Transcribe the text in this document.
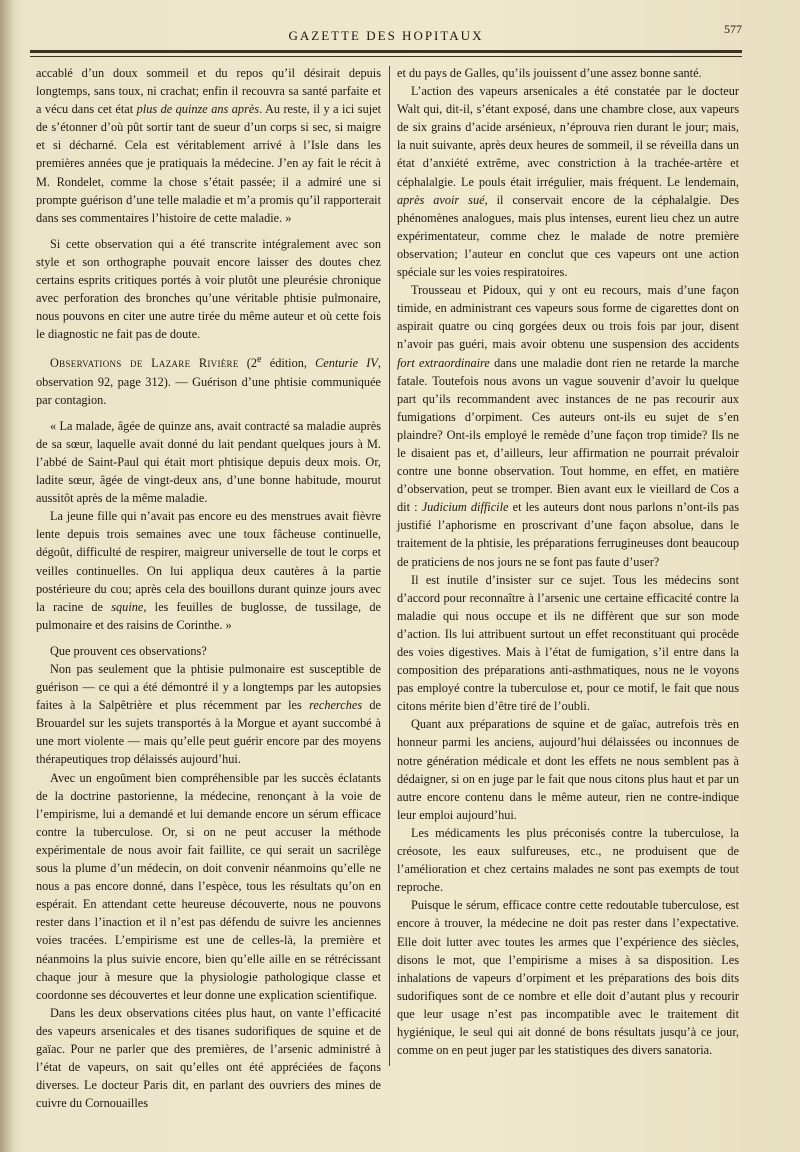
GAZETTE DES HOPITAUX	577

accablé d’un doux sommeil et du repos qu’il désirait depuis longtemps, sans toux, ni crachat; enfin il recouvra sa santé parfaite et a vécu dans cet état plus de quinze ans après. Au reste, il y a ici sujet de s’étonner d’où pût sortir tant de sueur d’un corps si sec, si maigre et si décharné. Cela est véritablement arrivé à l’Isle dans les premières années que je pratiquais la médecine. J’en ay fait le récit à M. Rondelet, comme la chose s’était passée; il a admiré une si prompte guérison d’une telle maladie et m’a promis qu’il rapporterait dans ses commentaires l’histoire de cette maladie. »

Si cette observation qui a été transcrite intégralement avec son style et son orthographe pouvait encore laisser des doutes chez certains esprits critiques portés à voir plutôt une pleurésie chronique avec perforation des bronches qu’une véritable phtisie pulmonaire, nous pouvons en citer une autre tirée du même auteur et où cette fois le diagnostic ne fait pas de doute.

Observations de Lazare Rivière (2e édition, Centurie IV, observation 92, page 312). — Guérison d’une phtisie communiquée par contagion.

« La malade, âgée de quinze ans, avait contracté sa maladie auprès de sa sœur, laquelle avait donné du lait pendant quelques jours à M. l’abbé de Saint-Paul qui était mort phtisique depuis deux mois. Or, ladite sœur, âgée de vingt-deux ans, d’une bonne habitude, mourut aussitôt après de la même maladie.

La jeune fille qui n’avait pas encore eu des menstrues avait fièvre lente depuis trois semaines avec une toux fâcheuse continuelle, dégoût, difficulté de respirer, maigreur universelle de tout le corps et veilles continuelles. On lui appliqua deux cautères à la partie postérieure du cou; après cela des bouillons durant quinze jours avec la racine de squine, les feuilles de buglosse, de tussilage, de pulmonaire et des raisins de Corinthe. »

Que prouvent ces observations?

Non pas seulement que la phtisie pulmonaire est susceptible de guérison — ce qui a été démontré il y a longtemps par les autopsies faites à la Salpêtrière et plus récemment par les recherches de Brouardel sur les sujets transportés à la Morgue et ayant succombé à une mort violente — mais qu’elle peut guérir encore par des moyens thérapeutiques trop délaissés aujourd’hui.

Avec un engoûment bien compréhensible par les succès éclatants de la doctrine pastorienne, la médecine, renonçant à la voie de l’empirisme, lui a demandé et lui demande encore un sérum efficace contre la tuberculose. Or, si on ne peut accuser la méthode expérimentale de nous avoir fait faillite, ce qui serait un sacrilège sous la plume d’un médecin, on doit convenir néanmoins qu’elle ne nous a pas encore donné, dans l’espèce, tous les résultats qu’on en espérait. En attendant cette heureuse découverte, nous ne pouvons rester dans l’inaction et il n’est pas défendu de suivre les anciennes voies tracées. L’empirisme est une de celles-là, la première et néanmoins la plus suivie encore, bien qu’elle aille en se rétrécissant chaque jour à mesure que la physiologie pathologique classe et coordonne ses découvertes et leur donne une explication scientifique.

Dans les deux observations citées plus haut, on vante l’efficacité des vapeurs arsenicales et des tisanes sudorifiques de squine et de gaïac. Pour ne parler que des premières, de l’arsenic administré à l’état de vapeurs, on sait qu’elles ont été appréciées de façons diverses. Le docteur Paris dit, en parlant des ouvriers des mines de cuivre du Cornouailles

et du pays de Galles, qu’ils jouissent d’une assez bonne santé.

L’action des vapeurs arsenicales a été constatée par le docteur Walt qui, dit-il, s’étant exposé, dans une chambre close, aux vapeurs de six grains d’acide arsénieux, n’éprouva rien durant le jour; mais, la nuit suivante, après deux heures de sommeil, il se réveilla dans un état d’anxiété extrême, avec constriction à la trachée-artère et céphalalgie. Le pouls était irrégulier, mais fréquent. Le lendemain, après avoir sué, il conservait encore de la céphalalgie. Des phénomènes analogues, mais plus intenses, eurent lieu chez un autre expérimentateur, comme chez le malade de notre première observation; l’auteur en conclut que ces vapeurs ont une action spéciale sur les voies respiratoires.

Trousseau et Pidoux, qui y ont eu recours, mais d’une façon timide, en administrant ces vapeurs sous forme de cigarettes dont on aspirait quatre ou cinq gorgées deux ou trois fois par jour, disent n’avoir pas guéri, mais avoir obtenu une suspension des accidents fort extraordinaire dans une maladie dont rien ne retarde la marche fatale. Toutefois nous avons un vague souvenir d’avoir lu quelque part qu’ils recommandent avec instances de ne pas recourir aux fumigations d’orpiment. Ces auteurs ont-ils eu sujet de s’en plaindre? Ont-ils employé le remède d’une façon trop timide? Ils ne le disaient pas et, d’ailleurs, leur affirmation ne pourrait prévaloir contre une bonne observation. Tout homme, en effet, en matière d’observation, peut se tromper. Bien avant eux le vieillard de Cos a dit : Judicium difficile et les auteurs dont nous parlons n’ont-ils pas justifié l’aphorisme en proscrivant d’une façon absolue, dans le traitement de la phtisie, les préparations ferrugineuses dont beaucoup de praticiens de nos jours ne se font pas faute d’user?

Il est inutile d’insister sur ce sujet. Tous les médecins sont d’accord pour reconnaître à l’arsenic une certaine efficacité contre la maladie qui nous occupe et ils ne diffèrent que sur son mode d’action. Ils lui attribuent surtout un effet reconstituant qui procède des voies digestives. Mais à l’état de fumigation, s’il entre dans la composition des préparations anti-asthmatiques, nous ne le voyons pas employé contre la tuberculose et, pour ce motif, le fait que nous citons mérite bien d’être tiré de l’oubli.

Quant aux préparations de squine et de gaïac, autrefois très en honneur parmi les anciens, aujourd’hui délaissées ou inconnues de notre génération médicale et dont les effets ne nous semblent pas à dédaigner, si on en juge par le fait que nous citons plus haut et par un autre encore contenu dans le même auteur, rien ne contre-indique leur emploi aujourd’hui.

Les médicaments les plus préconisés contre la tuberculose, la créosote, les eaux sulfureuses, etc., ne produisent que de l’amélioration et chez certains malades ne sont pas exempts de tout reproche.

Puisque le sérum, efficace contre cette redoutable tuberculose, est encore à trouver, la médecine ne doit pas rester dans l’expectative. Elle doit lutter avec toutes les armes que l’expérience des siècles, disons le mot, que l’empirisme a mises à sa disposition. Les inhalations de vapeurs d’orpiment et les préparations des bois dits sudorifiques sont de ce nombre et elle doit d’autant plus y recourir que leur usage n’est pas incompatible avec le traitement dit hygiénique, le seul qui ait donné de bons résultats jusqu’à ce jour, comme on en peut juger par les statistiques des divers sanatoria.
